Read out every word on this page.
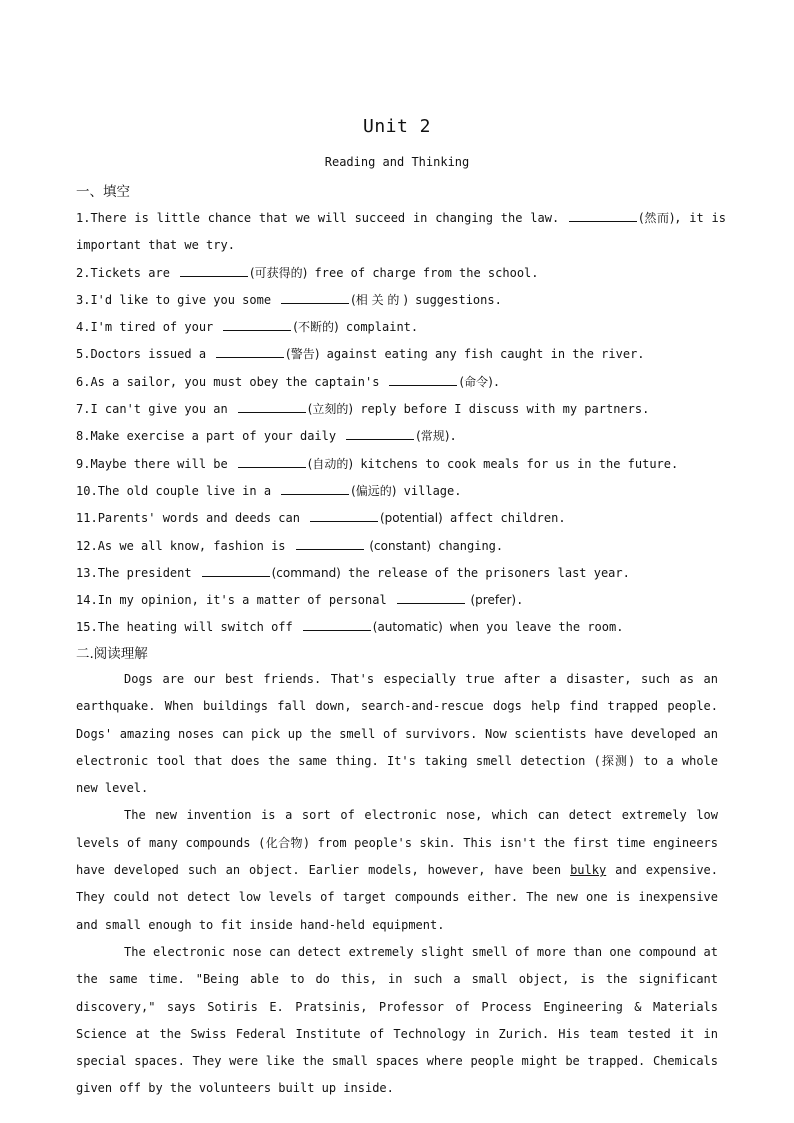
Unit 2
Reading and Thinking
一、填空
1.There is little chance that we will succeed in changing the law.	(然而), it is important that we try.
2.Tickets are	(可获得的) free of charge from the school.
3.I'd like to give you some	(相 关 的 ) suggestions.
4.I'm tired of your	(不断的) complaint.
5.Doctors issued a	(警告) against eating any fish caught in the river.
6.As a sailor, you must obey the captain's	(命令).
7.I can't give you an	(立刻的) reply before I discuss with my partners.
8.Make exercise a part of your daily	(常规).
9.Maybe there will be	(自动的) kitchens to cook meals for us in the future.
10.The old couple live in a	(偏远的) village.
11.Parents' words and deeds can	(potential) affect children.
12.As we all know, fashion is	(constant) changing.
13.The president	(command) the release of the prisoners last year.
14.In my opinion, it's a matter of personal	(prefer).
15.The heating will switch off	(automatic) when you leave the room.
二.阅读理解

Dogs are our best friends. That's especially true after a disaster, such as an earthquake. When buildings fall down, search-and-rescue dogs help find trapped people. Dogs' amazing noses can pick up the smell of survivors. Now scientists have developed an electronic tool that does the same thing. It's taking smell detection (探测) to a whole new level.

The new invention is a sort of electronic nose, which can detect extremely low levels of many compounds (化合物) from people's skin. This isn't the first time engineers have developed such an object. Earlier models, however, have been bulky and expensive. They could not detect low levels of target compounds either. The new one is inexpensive and small enough to fit inside hand-held equipment.

The electronic nose can detect extremely slight smell of more than one compound at the same time. "Being able to do this, in such a small object, is the significant discovery," says Sotiris E. Pratsinis, Professor of Process Engineering & Materials Science at the Swiss Federal Institute of Technology in Zurich. His team tested it in special spaces. They were like the small spaces where people might be trapped. Chemicals given off by the volunteers built up inside.
